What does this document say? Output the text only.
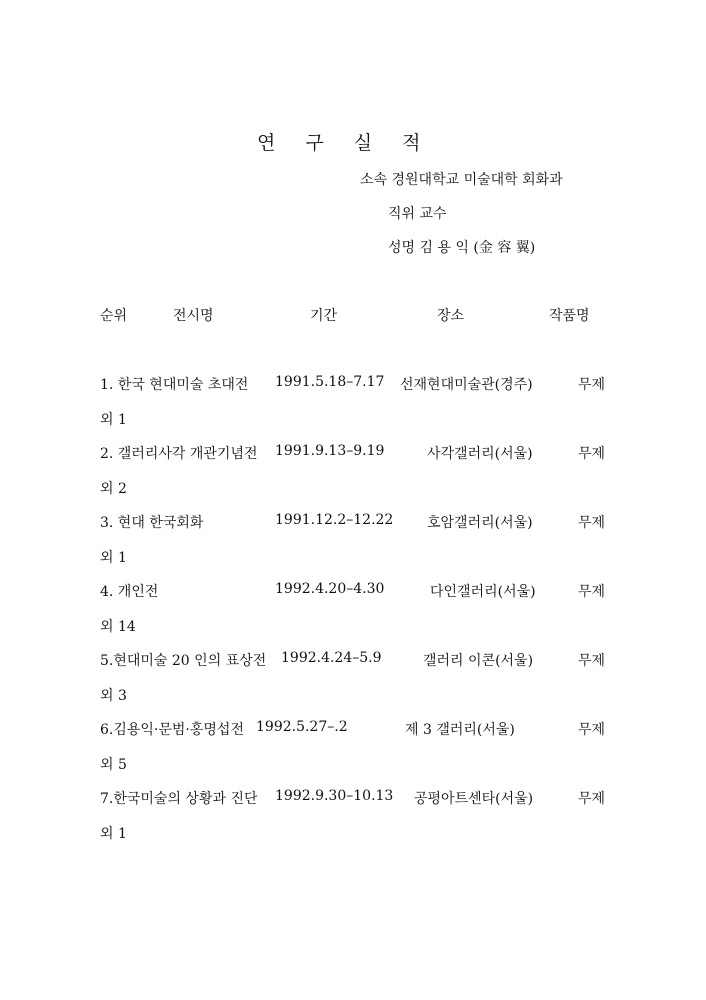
연 구 실 적
소속 경원대학교 미술대학 회화과
직위 교수
성명 김 용 익 (金 容 翼)
순위	전시명	기간	장소	작품명
1. 한국 현대미술 초대전 1991.5.18–7.17 선재현대미술관(경주)	무제
외 1
2. 갤러리사각 개관기념전 1991.9.13–9.19	사각갤러리(서울)	무제
외 2
3. 현대 한국회화	1991.12.2–12.22 호암갤러리(서울)	무제
외 1
4. 개인전	1992.4.20–4.30	다인갤러리(서울)	무제
외 14
5.현대미술 20 인의 표상전 1992.4.24–5.9	갤러리 이콘(서울)	무제
외 3
6.김용익·문범·홍명섭전 1992.5.27–.2	제 3 갤러리(서울)	무제
외 5
7.한국미술의 상황과 진단 1992.9.30–10.13 공평아트센타(서울)	무제
외 1
